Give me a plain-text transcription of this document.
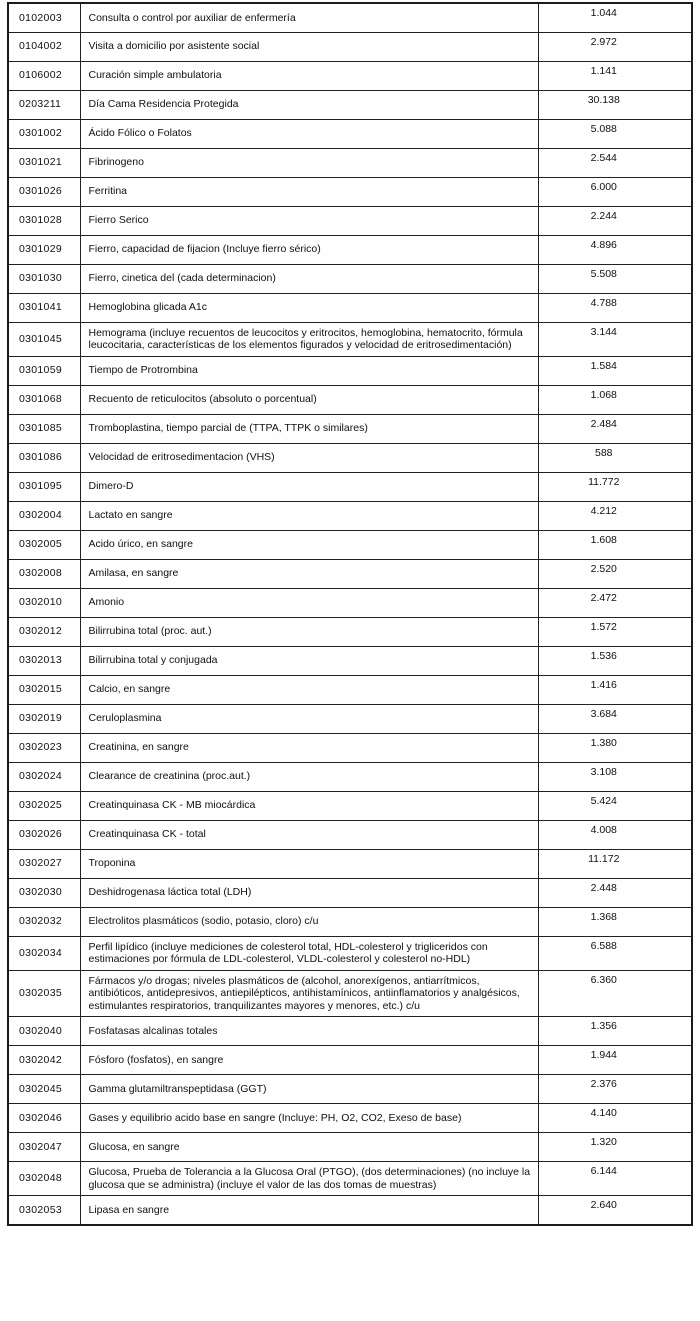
0102003	Consulta o control por auxiliar de enfermería	1.044
0104002	Visita a domicilio por asistente social	2.972
0106002	Curación simple ambulatoria	1.141
0203211	Día Cama Residencia Protegida	30.138
0301002	Ácido Fólico o Folatos	5.088
0301021	Fibrinogeno	2.544
0301026	Ferritina	6.000
0301028	Fierro Serico	2.244
0301029	Fierro, capacidad de fijacion (Incluye fierro sérico)	4.896
0301030	Fierro, cinetica del (cada determinacion)	5.508
0301041	Hemoglobina glicada A1c	4.788
0301045	Hemograma (incluye recuentos de leucocitos y eritrocitos, hemoglobina, hematocrito, fórmula leucocitaria, características de los elementos figurados y velocidad de eritrosedimentación)	3.144
0301059	Tiempo de Protrombina	1.584
0301068	Recuento de reticulocitos (absoluto o porcentual)	1.068
0301085	Tromboplastina, tiempo parcial de (TTPA, TTPK o similares)	2.484
0301086	Velocidad de eritrosedimentacion (VHS)	588
0301095	Dimero-D	11.772
0302004	Lactato en sangre	4.212
0302005	Acido úrico, en sangre	1.608
0302008	Amilasa, en sangre	2.520
0302010	Amonio	2.472
0302012	Bilirrubina total (proc. aut.)	1.572
0302013	Bilirrubina total y conjugada	1.536
0302015	Calcio, en sangre	1.416
0302019	Ceruloplasmina	3.684
0302023	Creatinina, en sangre	1.380
0302024	Clearance de creatinina (proc.aut.)	3.108
0302025	Creatinquinasa CK - MB miocárdica	5.424
0302026	Creatinquinasa CK - total	4.008
0302027	Troponina	11.172
0302030	Deshidrogenasa láctica total (LDH)	2.448
0302032	Electrolitos plasmáticos (sodio, potasio, cloro) c/u	1.368
0302034	Perfil lipídico (incluye mediciones de colesterol total, HDL-colesterol y trigliceridos con estimaciones por fórmula de LDL-colesterol, VLDL-colesterol y colesterol no-HDL)	6.588
0302035	Fármacos y/o drogas; niveles plasmáticos de (alcohol, anorexígenos, antiarrítmicos, antibióticos, antidepresivos, antiepilépticos, antihistamínicos, antiinflamatorios y analgésicos, estimulantes respiratorios, tranquilizantes mayores y menores, etc.) c/u	6.360
0302040	Fosfatasas alcalinas totales	1.356
0302042	Fósforo (fosfatos), en sangre	1.944
0302045	Gamma glutamiltranspeptidasa (GGT)	2.376
0302046	Gases y equilibrio acido base en sangre (Incluye: PH, O2, CO2, Exeso de base)	4.140
0302047	Glucosa, en sangre	1.320
0302048	Glucosa, Prueba de Tolerancia a la Glucosa Oral (PTGO), (dos determinaciones) (no incluye la glucosa que se administra) (incluye el valor de las dos tomas de muestras)	6.144
0302053	Lipasa en sangre	2.640
